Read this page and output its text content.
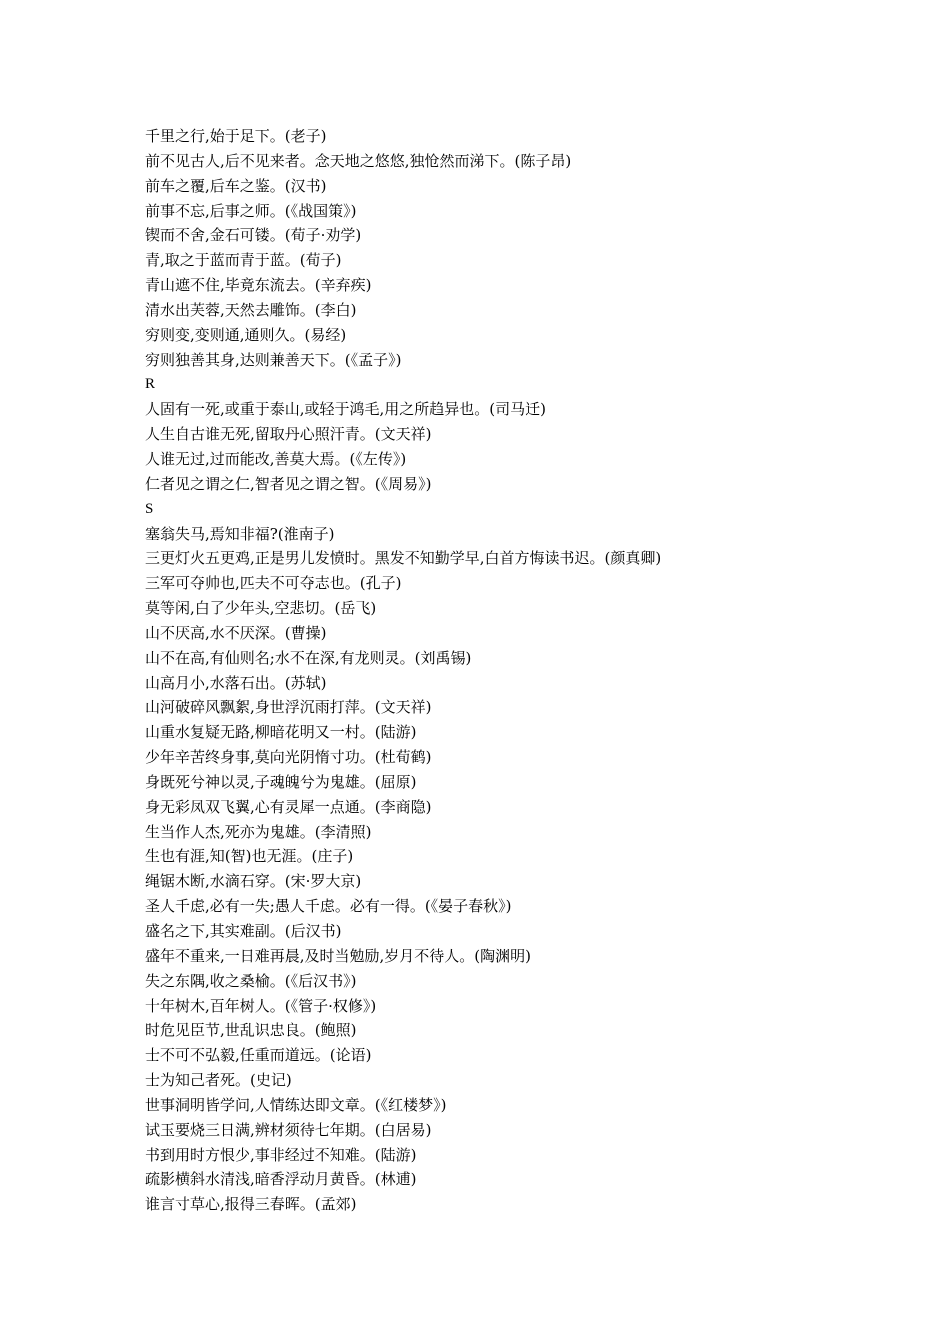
千里之行,始于足下。(老子)
前不见古人,后不见来者。念天地之悠悠,独怆然而涕下。(陈子昂)
前车之覆,后车之鉴。(汉书)
前事不忘,后事之师。(《战国策》)
锲而不舍,金石可镂。(荀子·劝学)
青,取之于蓝而青于蓝。(荀子)
青山遮不住,毕竟东流去。(辛弃疾)
清水出芙蓉,天然去雕饰。(李白)
穷则变,变则通,通则久。(易经)
穷则独善其身,达则兼善天下。(《孟子》)
R
人固有一死,或重于泰山,或轻于鸿毛,用之所趋异也。(司马迁)
人生自古谁无死,留取丹心照汗青。(文天祥)
人谁无过,过而能改,善莫大焉。(《左传》)
仁者见之谓之仁,智者见之谓之智。(《周易》)
S
塞翁失马,焉知非福?(淮南子)
三更灯火五更鸡,正是男儿发愤时。黑发不知勤学早,白首方悔读书迟。(颜真卿)
三军可夺帅也,匹夫不可夺志也。(孔子)
莫等闲,白了少年头,空悲切。(岳飞)
山不厌高,水不厌深。(曹操)
山不在高,有仙则名;水不在深,有龙则灵。(刘禹锡)
山高月小,水落石出。(苏轼)
山河破碎风飘絮,身世浮沉雨打萍。(文天祥)
山重水复疑无路,柳暗花明又一村。(陆游)
少年辛苦终身事,莫向光阴惰寸功。(杜荀鹤)
身既死兮神以灵,子魂魄兮为鬼雄。(屈原)
身无彩凤双飞翼,心有灵犀一点通。(李商隐)
生当作人杰,死亦为鬼雄。(李清照)
生也有涯,知(智)也无涯。(庄子)
绳锯木断,水滴石穿。(宋·罗大京)
圣人千虑,必有一失;愚人千虑。必有一得。(《晏子春秋》)
盛名之下,其实难副。(后汉书)
盛年不重来,一日难再晨,及时当勉励,岁月不待人。(陶渊明)
失之东隅,收之桑榆。(《后汉书》)
十年树木,百年树人。(《管子·权修》)
时危见臣节,世乱识忠良。(鲍照)
士不可不弘毅,任重而道远。(论语)
士为知己者死。(史记)
世事洞明皆学问,人情练达即文章。(《红楼梦》)
试玉要烧三日满,辨材须待七年期。(白居易)
书到用时方恨少,事非经过不知难。(陆游)
疏影横斜水清浅,暗香浮动月黄昏。(林逋)
谁言寸草心,报得三春晖。(孟郊)
